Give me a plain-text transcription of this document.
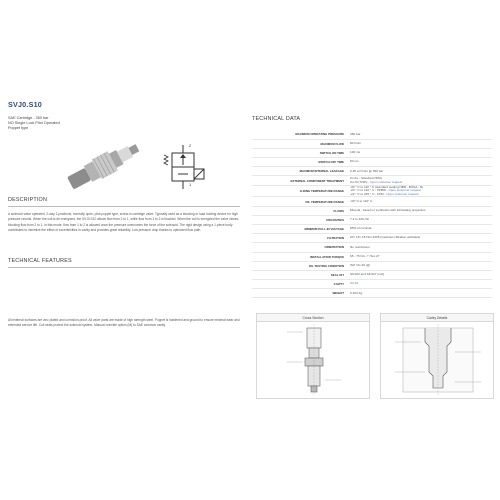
SVJ0.S10
SAE Cartridge - 350 bar
NO Single Lock Pilot Operated
Poppet type
2
1
DESCRIPTION
A solenoid valve operated, 2-way 2-positions, normally open, pilot poppet type, screw-in cartridge valve. Typically used as a blocking or load holding device for high pressure circuits. When the coil is de-energized, the SVJ0.S10 allows flow from 2 to 1, while flow from 1 to 2 is blocked. When the coil is energized the valve closes, blocking flow from 2 to 1. In this mode, flow from 1 to 2 is allowed once the pressure overcomes the force of the solenoid. The rigid design using a 1-piece body contributes to minimize the effect of eccentricities in cavity and provides great reliability. Low pressure drop thanks to optimized flow path.
TECHNICAL FEATURES
All external surfaces are zinc plated and corrosion-proof. All valve parts are made of high strength steel. Poppet is hardened and ground to ensure minimal wear and extended service life. Coil seals protect the solenoid system. Manual override option (M) to SAE common cavity.
TECHNICAL DATA
MAXIMUM OPERATING PRESSURE	350 bar

MAXIMUM FLOW	80 l/min

SWITCH ON TIME	100 ms

SWITCH OFF TIME	50 ms

MAXIMUM INTERNAL LEAKAGE	0.25 cm³/min @ 350 bar

EXTERNAL COMPONENT TREATMENT	Zn-Fe - Standard (5Wt)
Zn-Ni (720h) - Upon customer request

O-RING TEMPERATURE RANGE	-30 ° C to 110 ° C (standard sealing NBR - BUNA - N)
-20 ° C to 140 ° C - HNBR - Upon customer request
-22 ° C to 225 ° C - FKM - Upon customer request

OIL TEMPERATURE RANGE	-30° C to 110° C

FLUIDS	Mineral - based or synthetics with lubricating properties

VISCOSITIES	7.4 to 420 cSt

MINIMUM PULL-IN VOLTAGE	85% of nominal

FILTRATION	20 / 18 / 15 ISO 4406 (maximum filtration admitted)

ORIENTATION	No restrictions

INSTALLATION TORQUE	65 - 75 Nm ↗ Hex 27

OIL TESTING CONDITION	ISO VG 46 (@

SEAL KIT	S6.022 and S6.027 (coil)

CAVITY	C2.10

WEIGHT	0.164 Kg
Cross Section	Cavity Details
